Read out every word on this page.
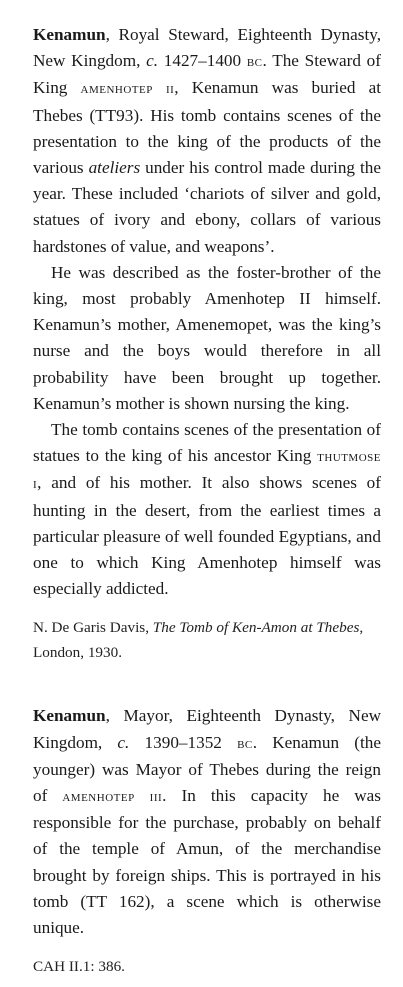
Kenamun, Royal Steward, Eighteenth Dynasty, New Kingdom, c. 1427–1400 bc. The Steward of King amenhotep ii, Kenamun was buried at Thebes (TT93). His tomb contains scenes of the presentation to the king of the products of the various ateliers under his control made during the year. These included ‘chariots of silver and gold, statues of ivory and ebony, collars of various hardstones of value, and weapons’.

He was described as the foster-brother of the king, most probably Amenhotep II himself. Kenamun’s mother, Amenemopet, was the king’s nurse and the boys would therefore in all probability have been brought up together. Kenamun’s mother is shown nursing the king.

The tomb contains scenes of the presentation of statues to the king of his ancestor King thutmose i, and of his mother. It also shows scenes of hunting in the desert, from the earliest times a particular pleasure of well founded Egyptians, and one to which King Amenhotep himself was especially addicted.

N. De Garis Davis, The Tomb of Ken-Amon at Thebes, London, 1930.

Kenamun, Mayor, Eighteenth Dynasty, New Kingdom, c. 1390–1352 bc. Kenamun (the younger) was Mayor of Thebes during the reign of amenhotep iii. In this capacity he was responsible for the purchase, probably on behalf of the temple of Amun, of the merchandise brought by foreign ships. This is portrayed in his tomb (TT 162), a scene which is otherwise unique.

CAH II.1: 386.
